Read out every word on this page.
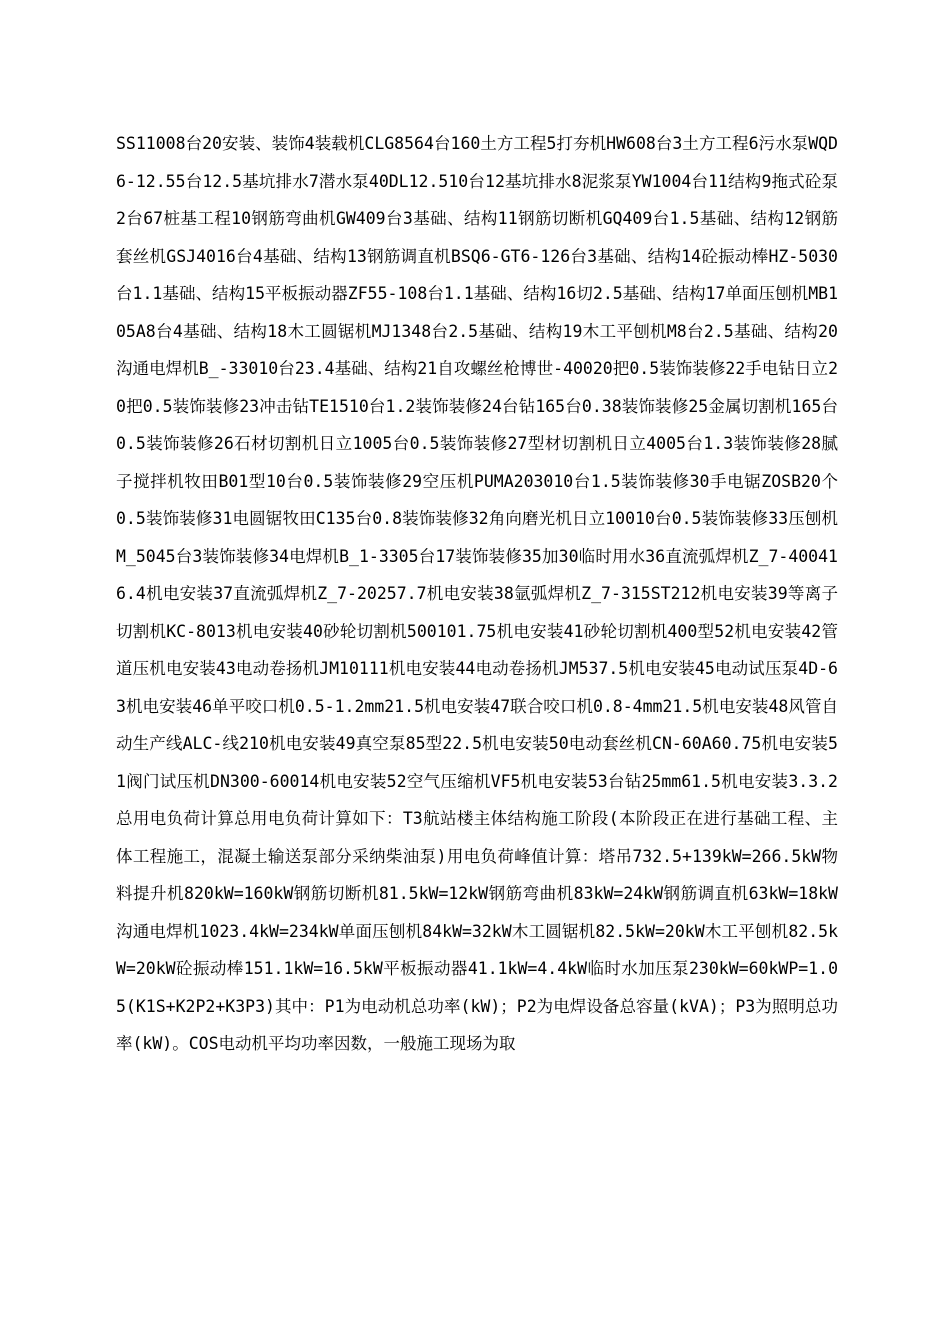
SS11008台20安装、装饰4装载机CLG8564台160土方工程5打夯机HW608台3土方工程6污水泵WQD6-12.55台12.5基坑排水7潜水泵40DL12.510台12基坑排水8泥浆泵YW1004台11结构9拖式砼泵2台67桩基工程10钢筋弯曲机GW409台3基础、结构11钢筋切断机GQ409台1.5基础、结构12钢筋套丝机GSJ4016台4基础、结构13钢筋调直机BSQ6-GT6-126台3基础、结构14砼振动棒HZ-5030台1.1基础、结构15平板振动器ZF55-108台1.1基础、结构16切2.5基础、结构17单面压刨机MB105A8台4基础、结构18木工圆锯机MJ1348台2.5基础、结构19木工平刨机M8台2.5基础、结构20沟通电焊机B_-33010台23.4基础、结构21自攻螺丝枪博世-40020把0.5装饰装修22手电钻日立20把0.5装饰装修23冲击钻TE1510台1.2装饰装修24台钻165台0.38装饰装修25金属切割机165台0.5装饰装修26石材切割机日立1005台0.5装饰装修27型材切割机日立4005台1.3装饰装修28腻子搅拌机牧田B01型10台0.5装饰装修29空压机PUMA203010台1.5装饰装修30手电锯ZOSB20个0.5装饰装修31电圆锯牧田C135台0.8装饰装修32角向磨光机日立10010台0.5装饰装修33压刨机M_5045台3装饰装修34电焊机B_1-3305台17装饰装修35加30临时用水36直流弧焊机Z_7-400416.4机电安装37直流弧焊机Z_7-20257.7机电安装38氩弧焊机Z_7-315ST212机电安装39等离子切割机KC-8013机电安装40砂轮切割机500101.75机电安装41砂轮切割机400型52机电安装42管道压机电安装43电动卷扬机JM10111机电安装44电动卷扬机JM537.5机电安装45电动试压泵4D-63机电安装46单平咬口机0.5-1.2mm21.5机电安装47联合咬口机0.8-4mm21.5机电安装48风管自动生产线ALC-线210机电安装49真空泵85型22.5机电安装50电动套丝机CN-60A60.75机电安装51阀门试压机DN300-60014机电安装52空气压缩机VF5机电安装53台钻25mm61.5机电安装3.3.2总用电负荷计算总用电负荷计算如下：T3航站楼主体结构施工阶段(本阶段正在进行基础工程、主体工程施工，混凝土输送泵部分采纳柴油泵)用电负荷峰值计算：塔吊732.5+139kW=266.5kW物料提升机820kW=160kW钢筋切断机81.5kW=12kW钢筋弯曲机83kW=24kW钢筋调直机63kW=18kW沟通电焊机1023.4kW=234kW单面压刨机84kW=32kW木工圆锯机82.5kW=20kW木工平刨机82.5kW=20kW砼振动棒151.1kW=16.5kW平板振动器41.1kW=4.4kW临时水加压泵230kW=60kWP=1.05(K1S+K2P2+K3P3)其中：P1为电动机总功率(kW)；P2为电焊设备总容量(kVA)；P3为照明总功率(kW)。COS电动机平均功率因数，一般施工现场为取
